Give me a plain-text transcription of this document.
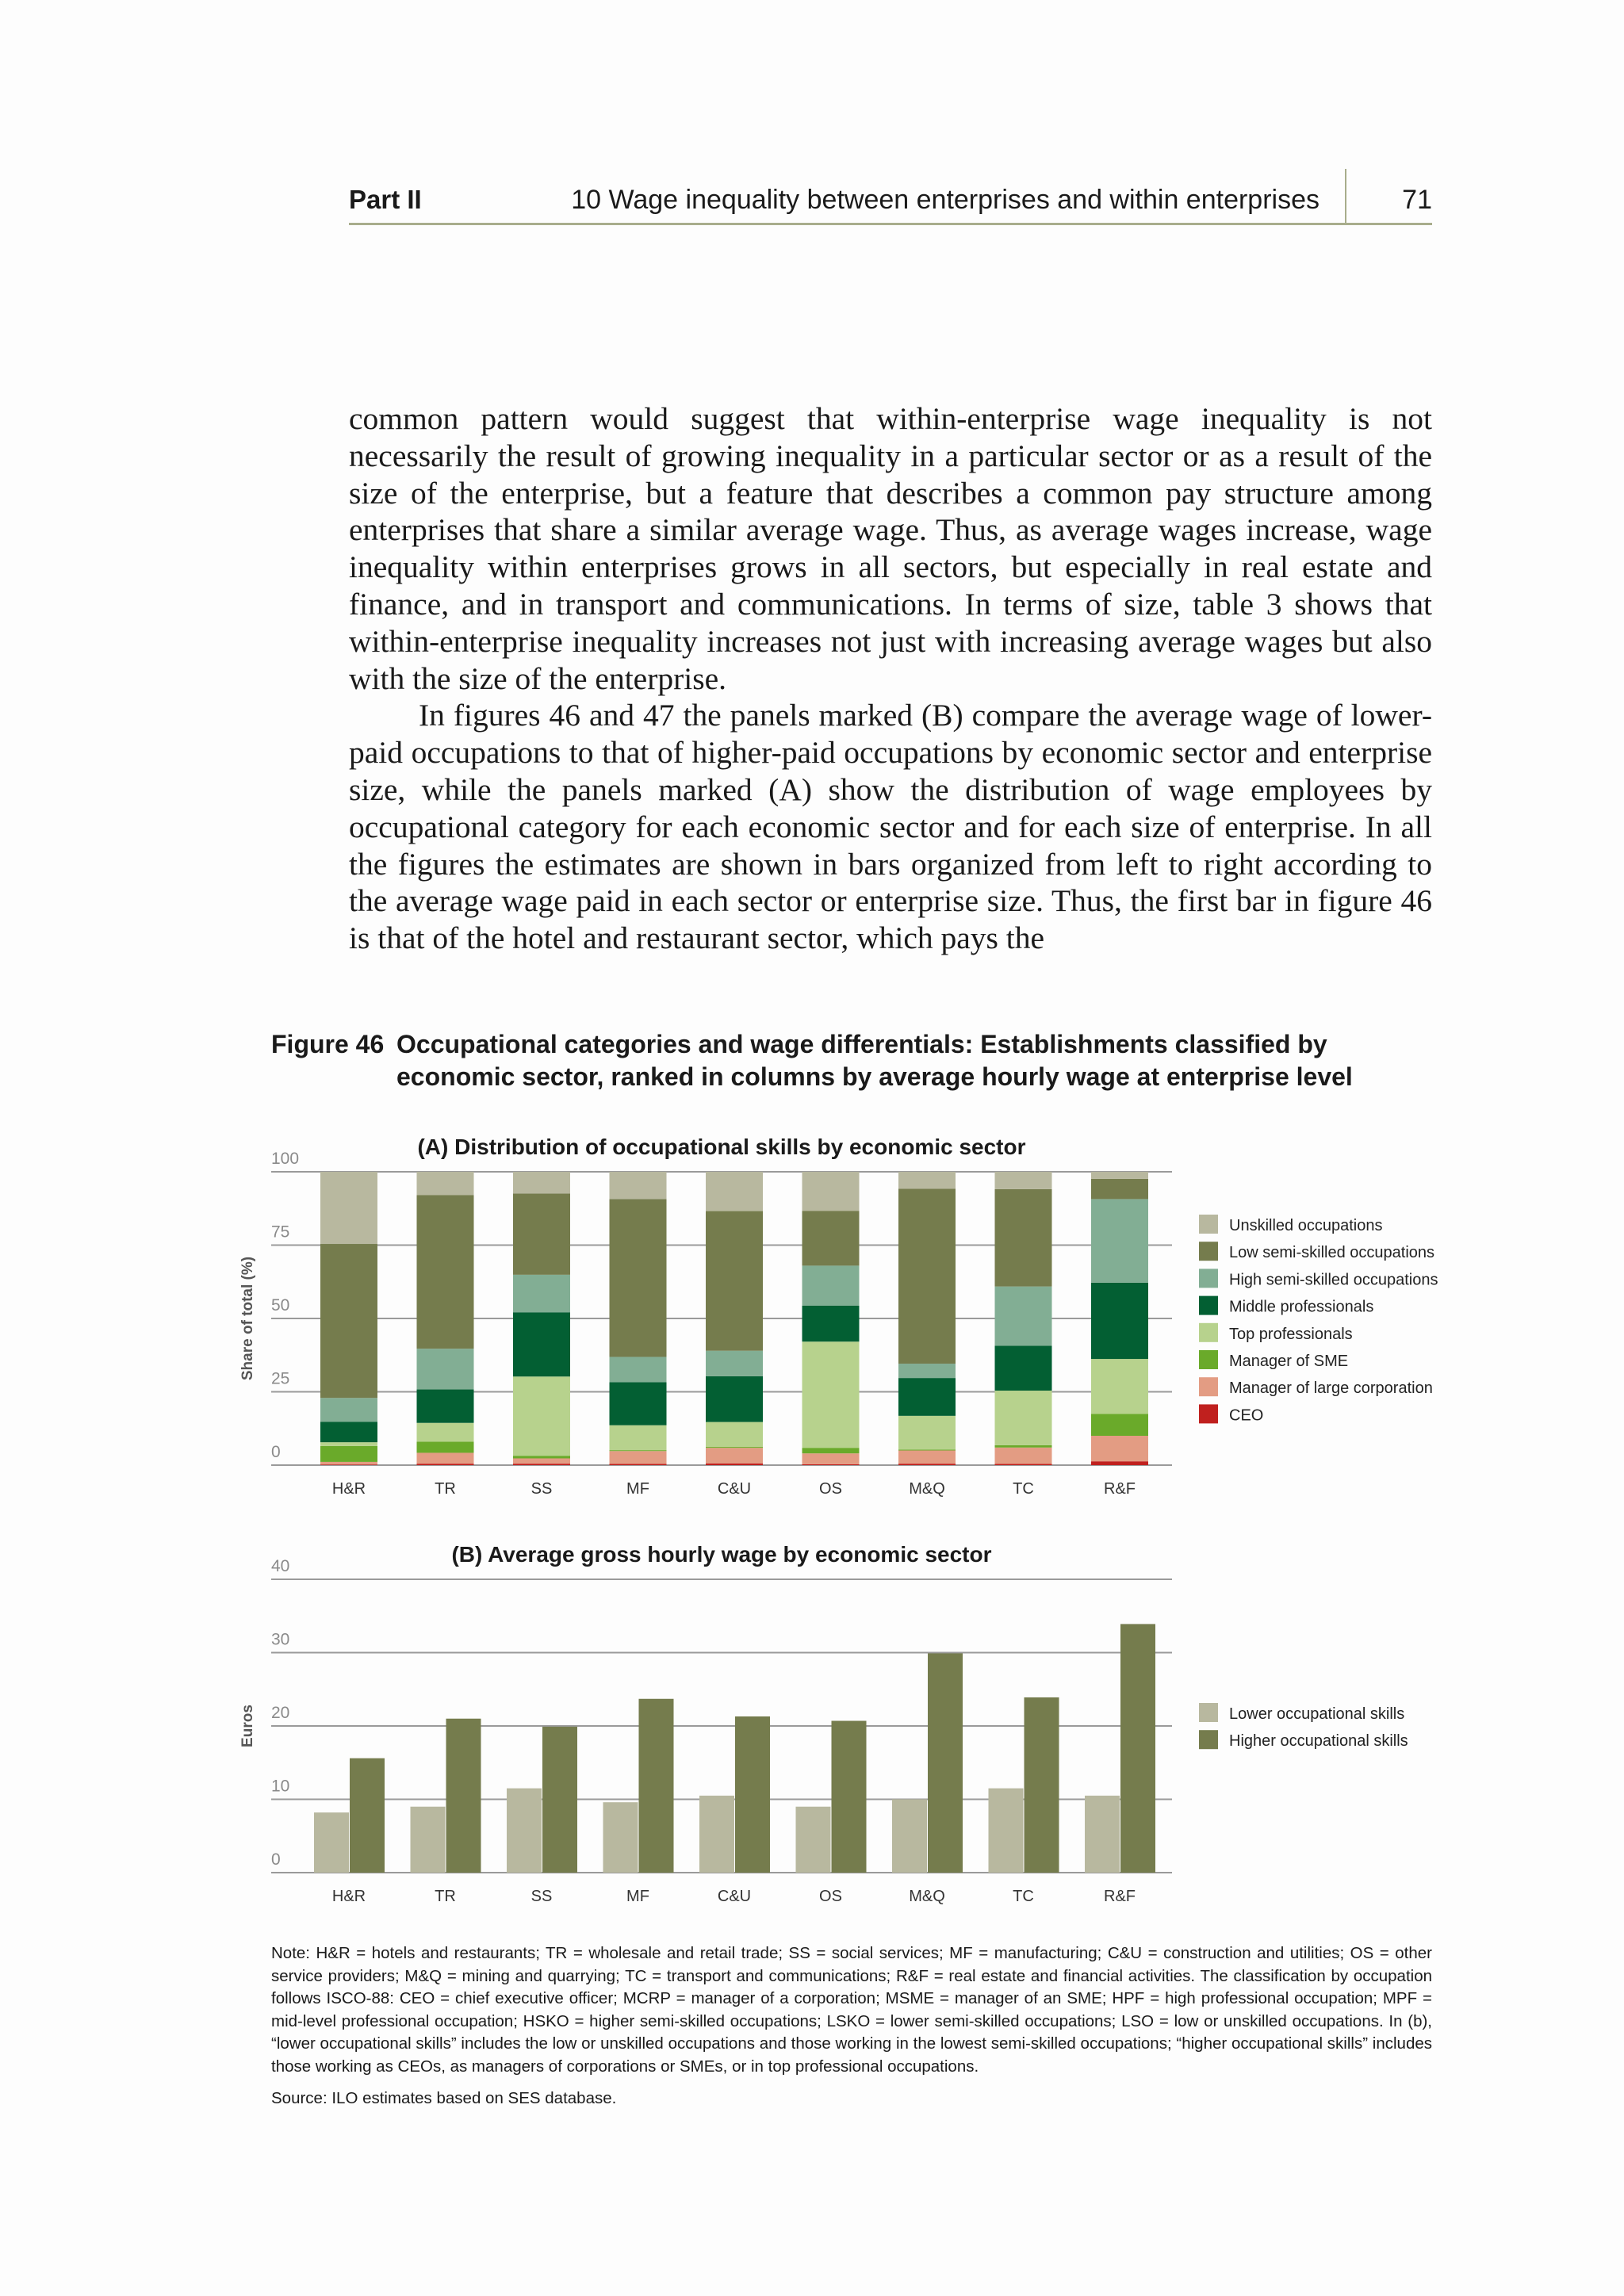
Part II	10 Wage inequality between enterprises and within enterprises	71

common pattern would suggest that within-enterprise wage inequality is not necessarily the result of growing inequality in a particular sector or as a result of the size of the enterprise, but a feature that describes a common pay structure among enterprises that share a similar average wage. Thus, as average wages increase, wage inequality within enterprises grows in all sectors, but especially in real estate and finance, and in transport and communications. In terms of size, table 3 shows that within-enterprise inequality increases not just with increasing average wages but also with the size of the enterprise.

In figures 46 and 47 the panels marked (B) compare the average wage of lower-paid occupations to that of higher-paid occupations by economic sector and enterprise size, while the panels marked (A) show the distribution of wage employees by occupational category for each economic sector and for each size of enterprise. In all the figures the estimates are shown in bars organized from left to right according to the average wage paid in each sector or enterprise size. Thus, the first bar in figure 46 is that of the hotel and restaurant sector, which pays the

Figure 46 Occupational categories and wage differentials: Establishments classified by
economic sector, ranked in columns by average hourly wage at enterprise level
(A) Distribution of occupational skills by economic sector
0
25
50
75
100
Share of total (%)
H&R	TR	SS	MF	C&U	OS	M&Q	TC	R&F
Unskilled occupations
Low semi-skilled occupations
High semi-skilled occupations
Middle professionals
Top professionals
Manager of SME
Manager of large corporation
CEO
(B) Average gross hourly wage by economic sector
0
10
20
30
40
Euros
H&R	TR	SS	MF	C&U	OS	M&Q	TC	R&F
Lower occupational skills
Higher occupational skills
Note: H&R = hotels and restaurants; TR = wholesale and retail trade; SS = social services; MF = manufacturing; C&U = construction and utilities; OS = other service providers; M&Q = mining and quarrying; TC = transport and communications; R&F = real estate and financial activities. The classification by occupation follows ISCO-88: CEO = chief executive officer; MCRP = manager of a corporation; MSME = manager of an SME; HPF = high professional occupation; MPF = mid-level professional occupation; HSKO = higher semi-skilled occupations; LSKO = lower semi-skilled occupations; LSO = low or unskilled occupations. In (b), “lower occupational skills” includes the low or unskilled occupations and those working in the lowest semi-skilled occupations; “higher occupational skills” includes those working as CEOs, as managers of corporations or SMEs, or in top professional occupations.
Source: ILO estimates based on SES database.
